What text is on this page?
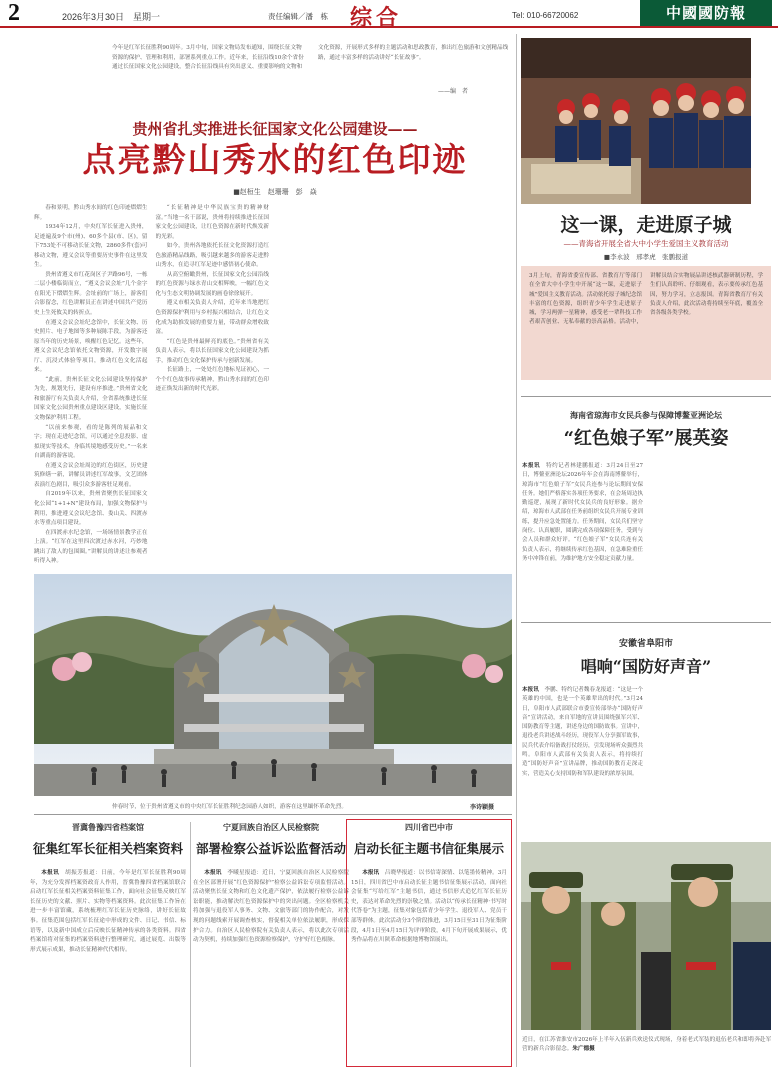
2	2026年3月30日　星期一	责任编辑／潘　栋 综合	Tel: 010-66720062	中國國防報
今年是红军长征胜利90周年。3月中旬，国家文物局发布通知，围绕长征文物资源的保护、管理和利用，部署系列重点工作。近年来，长征沿线10余个省份通过长征国家文化公园建设，整合长征沿线具有突出意义、重要影响的文物和文化资源，开展形式多样的主题活动和思政教育，推出红色旅游和文创精品线路，通过丰富多样的活动讲好“长征故事”。
——编　者
贵州省扎实推进长征国家文化公园建设——
点亮黔山秀水的红色印迹
■赵桓生　赵珊珊　彭　焱

春和景明，黔山秀水间的红色印迹熠熠生辉。

1934年12月，中央红军长征进入贵州，足迹遍及9个市(州)、60多个县(市、区)，留下753处不可移动长征文物，2860多件(套)可移动文物，遵义会议等重要历史事件在这里发生。

贵州省遵义市红花岗区子尹路96号，一栋二层小楼临街而立，“遵义会议会址”几个金字在阳光下熠熠生辉。会址前的广场上，游客们合影留念，红色讲解员正在讲述中国共产党历史上生死攸关的转折点。

在遵义会议会址纪念馆中，长征文物、历史照片、电子地图等多种展陈手段，为游客还原当年的历史场景，唤醒红色记忆。这些年，遵义会议纪念馆依托文物资源，开发数字展厅、沉浸式体验等项目，推动红色文化活起来。

“此前，贵州长征文化公园建设坚持保护为先，规划先行，建设有序推进。”贵州省文化和旅游厅有关负责人介绍，全省系统推进长征国家文化公园贵州重点建设区建设，实施长征文物保护利用工程。

“以前来参观，看的是陈列的展品和文字；现在走进纪念馆，可以通过全息投影、虚拟现实等技术，身临其境地感受历史。”一名来自湖南的游客说。

在遵义会议会址周边的红色街区，历史建筑修缮一新，讲解员讲述红军故事，文艺团体表演红色剧目，吸引众多游客驻足观看。

自2019年以来，贵州省聚焦长征国家文化公园“1+1+N”建设布局，加强文物保护与利用，推进遵义会议纪念馆、娄山关、四渡赤水等重点项目建设。

在四渡赤水纪念馆，一场场情景教学正在上演。“红军在这里四次渡过赤水河，巧妙地跳出了敌人的包围圈。”讲解员的讲述让参观者听得入神。

“长征精神是中华民族宝贵的精神财富。”当地一名干部说，贵州将持续推进长征国家文化公园建设，让红色资源在新时代焕发新的光彩。

如今，贵州各地依托长征文化资源打造红色旅游精品线路，吸引越来越多的游客走进黔山秀水，在追寻红军足迹中感悟初心使命。

从高空俯瞰贵州，长征国家文化公园沿线的红色资源与绿水青山交相辉映，一幅红色文化与生态文明协调发展的画卷徐徐展开。

遵义市相关负责人介绍，近年来当地把红色资源保护利用与乡村振兴相结合，让红色文化成为助推发展的重要力量，带动群众增收致富。

“红色是贵州最鲜亮的底色。”贵州省有关负责人表示，将以长征国家文化公园建设为抓手，推动红色文化保护传承与创新发展。

长征路上，一处处红色地标见证初心，一个个红色故事传承精神，黔山秀水间的红色印迹正焕发出新的时代光彩。

仲春时节，位于贵州省遵义市的中央红军长征胜利纪念园游人如织，游客在这里缅怀革命先烈。	李诗颖摄
晋冀鲁豫四省档案馆
征集红军长征相关档案资料
本报讯　 胡振芳报道：日前，今年是红军长征胜利90周年，为充分发挥档案资政育人作用，晋冀鲁豫四省档案馆联合启动红军长征相关档案资料征集工作，面向社会征集反映红军长征历史的文献、照片、实物等档案资料。此次征集工作旨在进一步丰富馆藏，系统梳理红军长征历史脉络，讲好长征故事。征集范围包括红军长征途中形成的文件、日记、书信、标语等，以及新中国成立后反映长征精神传承的各类资料。四省档案馆将对征集的档案资料进行整理研究，通过展览、出版等形式展示成果，推动长征精神代代相传。
宁夏回族自治区人民检察院
部署检察公益诉讼监督活动
本报讯　 李曦星报道：近日，宁夏回族自治区人民检察院在全区部署开展“红色资源保护”检察公益诉讼专项监督活动。活动聚焦长征文物和红色文化遗产保护，依法履行检察公益诉讼职能，推动解决红色资源保护中的突出问题。全区检察机关将加强与退役军人事务、文物、文旅等部门的协作配合，对发现的问题线索开展调查核实，督促相关单位依法履职，形成保护合力。自治区人民检察院有关负责人表示，将以此次专项活动为契机，持续加强红色资源检察保护，守护好红色根脉。
四川省巴中市
启动长征主题书信征集展示
本报讯　 吕晓华报道：以书信寄深情、以笔墨传精神。3月15日，四川省巴中市启动长征主题书信征集展示活动，面向社会征集“写给红军”主题书信，通过书信形式追忆红军长征历史，表达对革命先烈的崇敬之情。活动以“传承长征精神·书写时代答卷”为主题，征集对象包括青少年学生、退役军人、党员干部等群体。此次活动分3个阶段推进，3月15日至31日为征集阶段，4月1日至4月15日为评审阶段，4月下旬开展成果展示，优秀作品将在川陕革命根据地博物馆展出。
这一课，走进原子城
——青海省开展全省大中小学生爱国主义教育活动
■李永波　邢孝虎　张鹏报道
3月上旬，青海省委宣传部、省教育厅等部门在全省大中小学生中开展“这一课，走进原子城”爱国主义教育活动。活动依托原子城纪念馆丰富的红色资源，组织青少年学生走进原子城，学习两弹一星精神，感受老一辈科技工作者艰苦创业、无私奉献的崇高品格。活动中，讲解员结合实物展品讲述核武器研制历程，学生们认真聆听、仔细观看，表示要传承红色基因，努力学习，立志报国。青海省教育厅有关负责人介绍，此次活动将持续至年底，覆盖全省各级各类学校。
海南省琼海市女民兵参与保障博鳌亚洲论坛
“红色娘子军”展英姿
本报讯　 特约记者林建鹏报道：3月24日至27日，博鳌亚洲论坛2026年年会在海南博鳌举行，琼海市“红色娘子军”女民兵连参与论坛期间安保任务。她们严格落实各项任务要求，在会场周边执勤巡逻，展现了新时代女民兵的良好形象。据介绍，琼海市人武部在任务前组织女民兵开展专业训练，提升应急处置能力。任务期间，女民兵们坚守岗位、认真履职，圆满完成各项保障任务，受到与会人员和群众好评。“红色娘子军”女民兵连有关负责人表示，将继续传承红色基因，在急难险重任务中冲锋在前，为维护地方安全稳定贡献力量。
安徽省阜阳市
唱响“国防好声音”
本报讯　 李鹏、特约记者魏春龙报道：“这是一个英雄的中国，也是一个英雄辈出的时代。”3月24日，阜阳市人武部联合市委宣传部举办“国防好声音”宣讲活动，来自军地的宣讲员围绕强军兴军、国防教育等主题，讲述身边的国防故事。宣讲中，退役老兵讲述战斗经历，现役军人分享强军故事，民兵代表介绍备战打仗经历，引发现场听众强烈共鸣。阜阳市人武部有关负责人表示，将持续打造“国防好声音”宣讲品牌，推动国防教育走深走实，营造关心支持国防和军队建设的浓厚氛围。
近日，在江苏省淮安市2026年上半年入伍新兵欢送仪式现场，身着老式军装的退伍老兵和即将奔赴军营的新兵合影留念。朱广德摄
